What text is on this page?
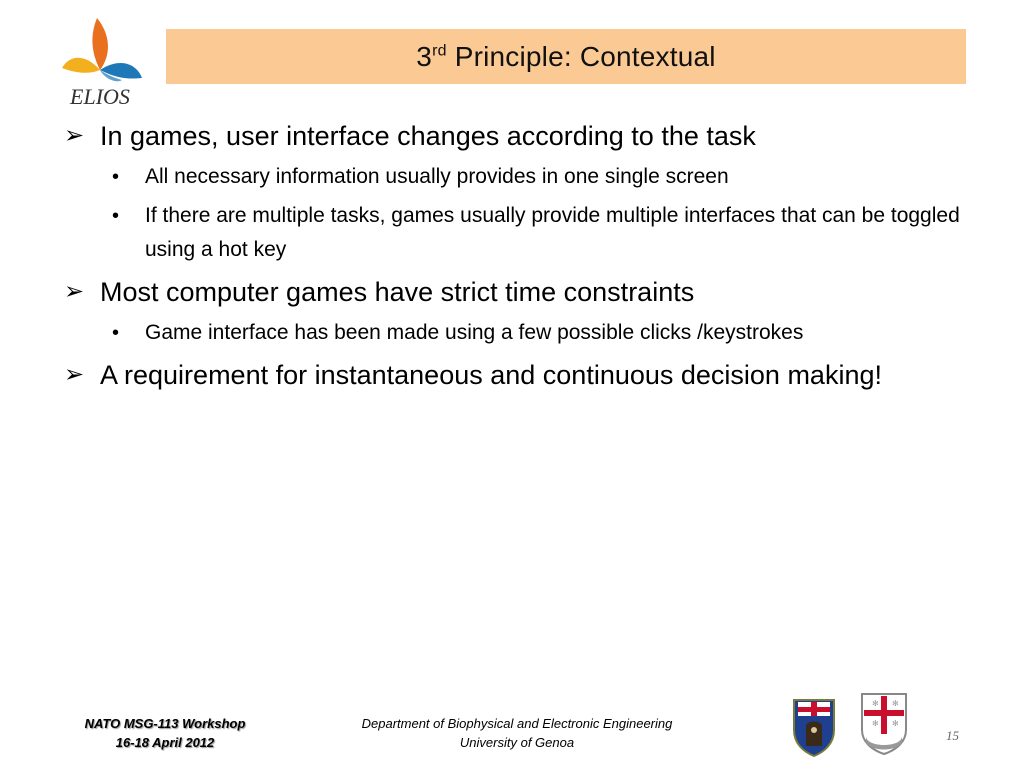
ELIOS
3rd Principle: Contextual
➢ In games, user interface changes according to the task
• All necessary information usually provides in one single screen
• If there are multiple tasks, games usually provide multiple interfaces that can be toggled using a hot key
➢ Most computer games have strict time constraints
• Game interface has been made using a few possible clicks /keystrokes
➢ A requirement for instantaneous and continuous decision making!
NATO MSG-113 Workshop
16-18 April 2012
Department of Biophysical and Electronic Engineering
University of Genoa
✻ ✻
✻ ✻
15
